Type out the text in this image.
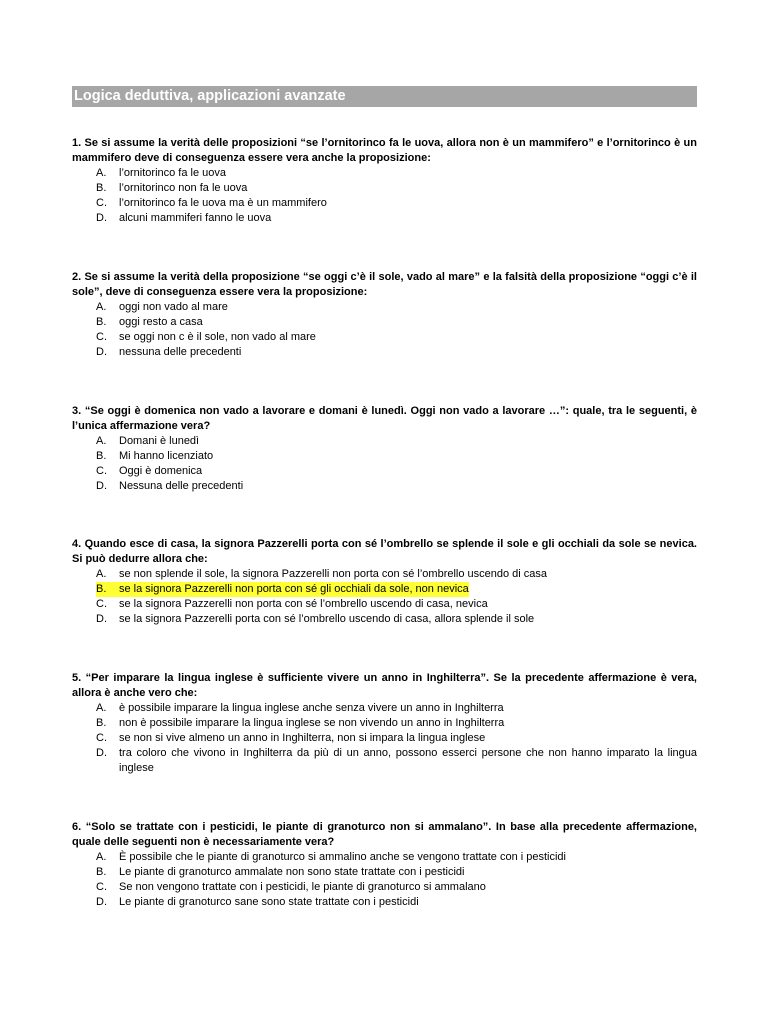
Logica deduttiva, applicazioni avanzate

1. Se si assume la verità delle proposizioni “se l’ornitorinco fa le uova, allora non è un mammifero” e l’ornitorinco è un mammifero deve di conseguenza essere vera anche la proposizione:

A.	l’ornitorinco fa le uova
B.	l’ornitorinco non fa le uova
C.	l’ornitorinco fa le uova ma è un mammifero
D.	alcuni mammiferi fanno le uova

2. Se si assume la verità della proposizione “se oggi c’è il sole, vado al mare” e la falsità della proposizione “oggi c’è il sole”, deve di conseguenza essere vera la proposizione:

A.	oggi non vado al mare
B.	oggi resto a casa
C.	se oggi non c è il sole, non vado al mare
D.	nessuna delle precedenti

3. “Se oggi è domenica non vado a lavorare e domani è lunedì. Oggi non vado a lavorare …”: quale, tra le seguenti, è l’unica affermazione vera?

A.	Domani è lunedì
B.	Mi hanno licenziato
C.	Oggi è domenica
D.	Nessuna delle precedenti

4. Quando esce di casa, la signora Pazzerelli porta con sé l’ombrello se splende il sole e gli occhiali da sole se nevica. Si può dedurre allora che:

A.	se non splende il sole, la signora Pazzerelli non porta con sé l’ombrello uscendo di casa
B.	se la signora Pazzerelli non porta con sé gli occhiali da sole, non nevica
C.	se la signora Pazzerelli non porta con sé l’ombrello uscendo di casa, nevica
D.	se la signora Pazzerelli porta con sé l’ombrello uscendo di casa, allora splende il sole

5. “Per imparare la lingua inglese è sufficiente vivere un anno in Inghilterra”. Se la precedente affermazione è vera, allora è anche vero che:

A.	è possibile imparare la lingua inglese anche senza vivere un anno in Inghilterra
B.	non è possibile imparare la lingua inglese se non vivendo un anno in Inghilterra
C.	se non si vive almeno un anno in Inghilterra, non si impara la lingua inglese
D.	tra coloro che vivono in Inghilterra da più di un anno, possono esserci persone che non hanno imparato la lingua inglese

6. “Solo se trattate con i pesticidi, le piante di granoturco non si ammalano”. In base alla precedente affermazione, quale delle seguenti non è necessariamente vera?

A.	È possibile che le piante di granoturco si ammalino anche se vengono trattate con i pesticidi
B.	Le piante di granoturco ammalate non sono state trattate con i pesticidi
C.	Se non vengono trattate con i pesticidi, le piante di granoturco si ammalano
D.	Le piante di granoturco sane sono state trattate con i pesticidi
